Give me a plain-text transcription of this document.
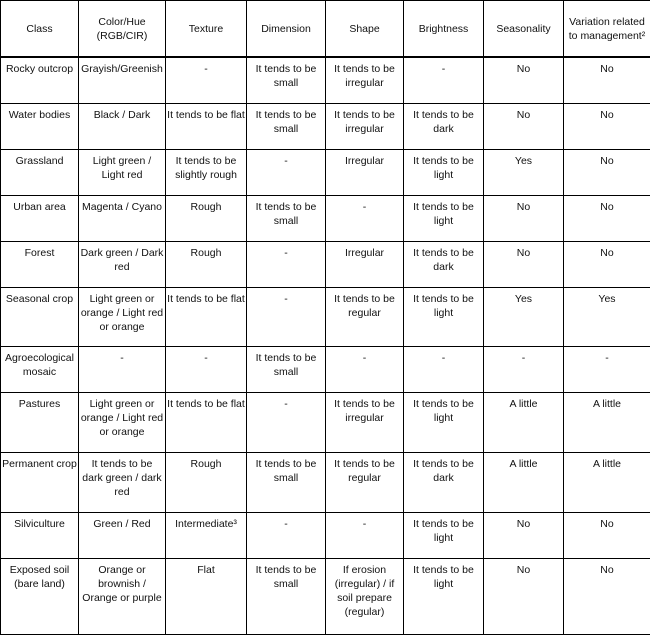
Class	Color/Hue (RGB/CIR)	Texture	Dimension	Shape	Brightness	Seasonality	Variation related to management²
Rocky outcrop	Grayish/Greenish	-	It tends to be small	It tends to be irregular	-	No	No
Water bodies	Black / Dark	It tends to be flat	It tends to be small	It tends to be irregular	It tends to be dark	No	No
Grassland	Light green / Light red	It tends to be slightly rough	-	Irregular	It tends to be light	Yes	No
Urban area	Magenta / Cyano	Rough	It tends to be small	-	It tends to be light	No	No
Forest	Dark green / Dark red	Rough	-	Irregular	It tends to be dark	No	No
Seasonal crop	Light green or orange / Light red or orange	It tends to be flat	-	It tends to be regular	It tends to be light	Yes	Yes
Agroecological mosaic	-	-	It tends to be small	-	-	-	-
Pastures	Light green or orange / Light red or orange	It tends to be flat	-	It tends to be irregular	It tends to be light	A little	A little
Permanent crop	It tends to be dark green / dark red	Rough	It tends to be small	It tends to be regular	It tends to be dark	A little	A little
Silviculture	Green / Red	Intermediate³	-	-	It tends to be light	No	No
Exposed soil (bare land)	Orange or brownish / Orange or purple	Flat	It tends to be small	If erosion (irregular) / if soil prepare (regular)	It tends to be light	No	No
